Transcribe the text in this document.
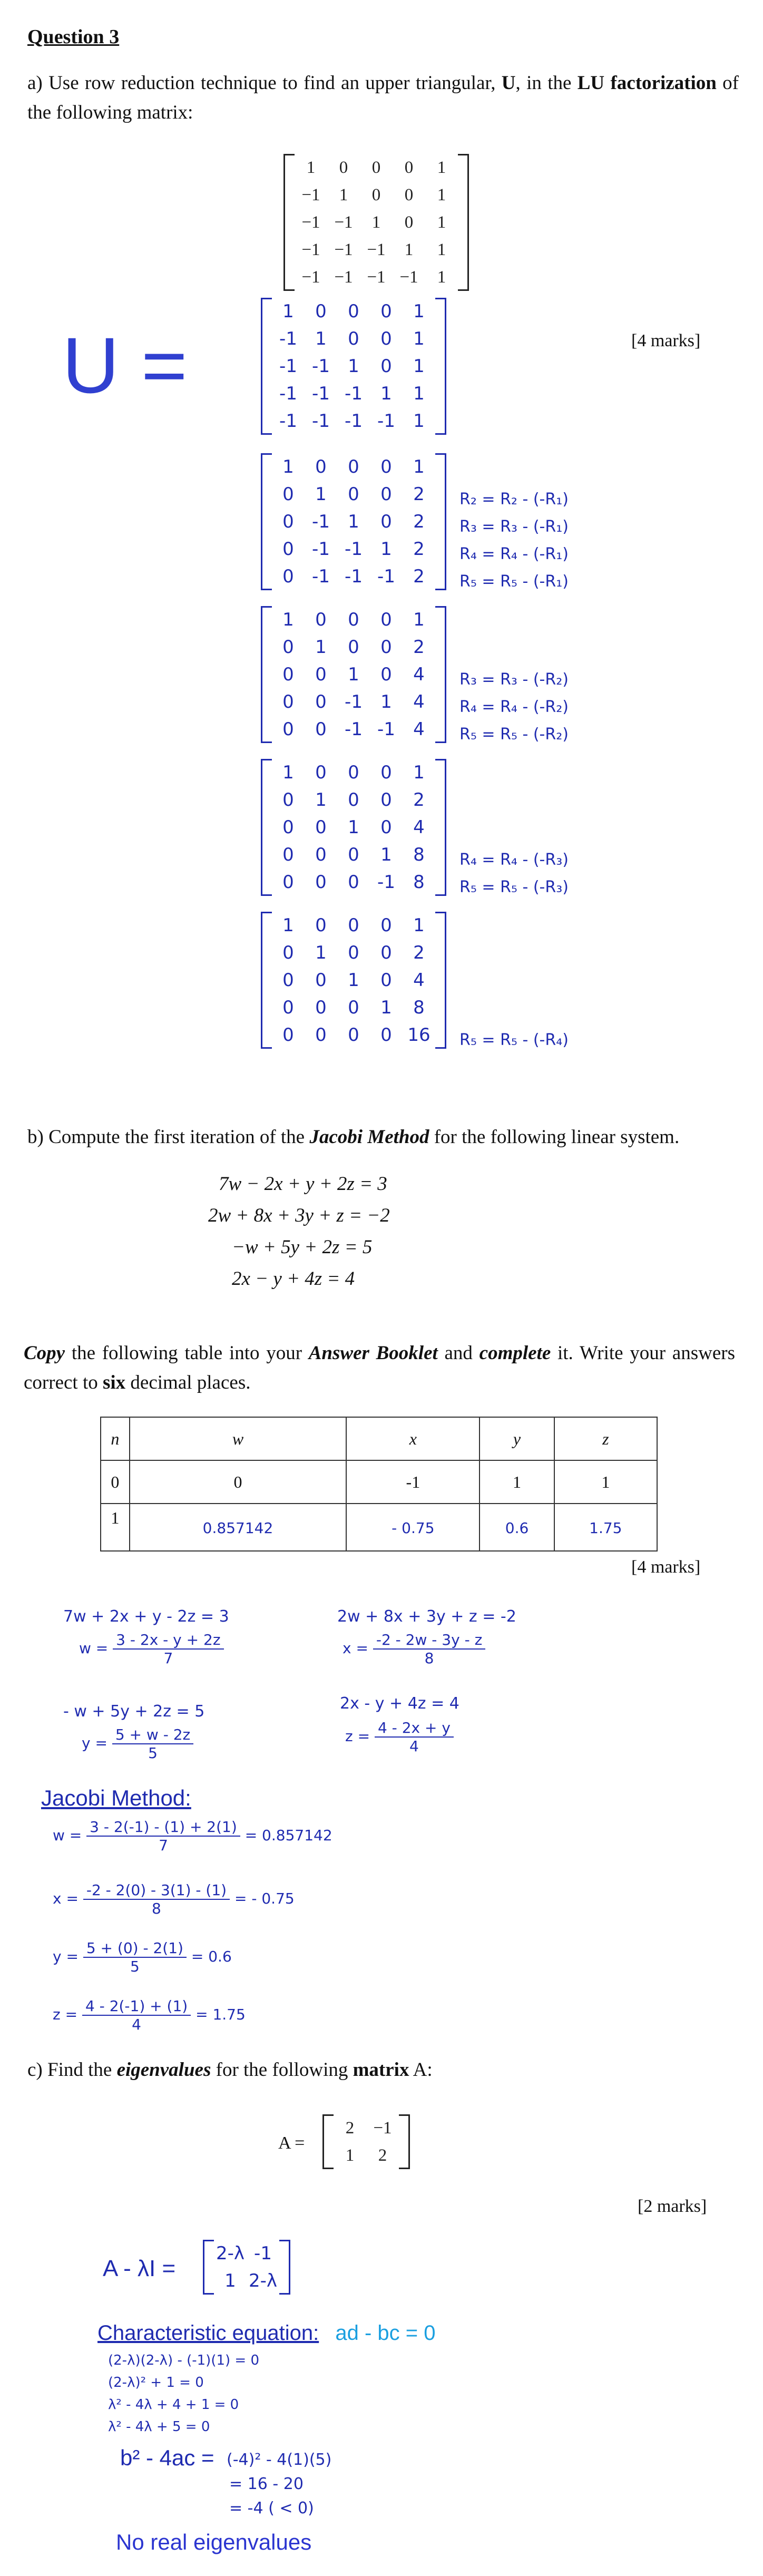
Question 3
a) Use row reduction technique to find an upper triangular, U, in the LU factorization of the following matrix:
1	0	0	0	1
−1	1	0	0	1
−1	−1	1	0	1
−1	−1	−1	1	1
−1	−1	−1	−1	1
U =	[4 marks]
1	0	0	0	1
-1	1	0	0	1
-1	-1	1	0	1
-1	-1	-1	1	1
-1	-1	-1	-1	1
1	0	0	0	1
0	1	0	0	2
0	-1	1	0	2
0	-1	-1	1	2
0	-1	-1	-1	2
R₂ = R₂ - (-R₁)
R₃ = R₃ - (-R₁)
R₄ = R₄ - (-R₁)
R₅ = R₅ - (-R₁)
1	0	0	0	1
0	1	0	0	2
0	0	1	0	4
0	0	-1	1	4
0	0	-1	-1	4
R₃ = R₃ - (-R₂)
R₄ = R₄ - (-R₂)
R₅ = R₅ - (-R₂)
1	0	0	0	1
0	1	0	0	2
0	0	1	0	4
0	0	0	1	8
0	0	0	-1	8
R₄ = R₄ - (-R₃)
R₅ = R₅ - (-R₃)
1	0	0	0	1
0	1	0	0	2
0	0	1	0	4
0	0	0	1	8
0	0	0	0	16 R₅ = R₅ - (-R₄)
b) Compute the first iteration of the Jacobi Method for the following linear system.
7w − 2x + y + 2z = 3
2w + 8x + 3y + z = −2
−w + 5y + 2z = 5
2x − y + 4z = 4
Copy the following table into your Answer Booklet and complete it. Write your answers correct to six decimal places.
n	w	x	y	z
0	0	-1	1	1
1	0.857142	- 0.75	0.6	1.75
[4 marks]
7w + 2x + y - 2z = 3
$w = \frac{3 - 2x - y + 2z}{7}$
2w + 8x + 3y + z = -2
$x = \frac{-2 - 2w - 3y - z}{8}$
- w + 5y + 2z = 5
$y = \frac{5 + w - 2z}{5}$
2x - y + 4z = 4
$z = \frac{4 - 2x + y}{4}$
Jacobi Method:
$w = \frac{3 - 2(-1) - (1) + 2(1)}{7} = 0.857142$
$x = \frac{-2 - 2(0) - 3(1) - (1)}{8}$ = - 0.75
$y = \frac{5 + (0) - 2(1)}{5} = 0.6$
$z = \frac{4 - 2(-1) + (1)}{4} = 1.75$
c) Find the eigenvalues for the following matrix A:
A =
2	−1
1	2
[2 marks]
A - λI =
2-λ	-1
1	2-λ
Characteristic equation: ad - bc = 0
(2-λ)(2-λ) - (-1)(1) = 0
(2-λ)² + 1 = 0
λ² - 4λ + 4 + 1 = 0
λ² - 4λ + 5 = 0
b² - 4ac = (-4)² - 4(1)(5)
= 16 - 20
= -4 ( < 0)
No real eigenvalues
